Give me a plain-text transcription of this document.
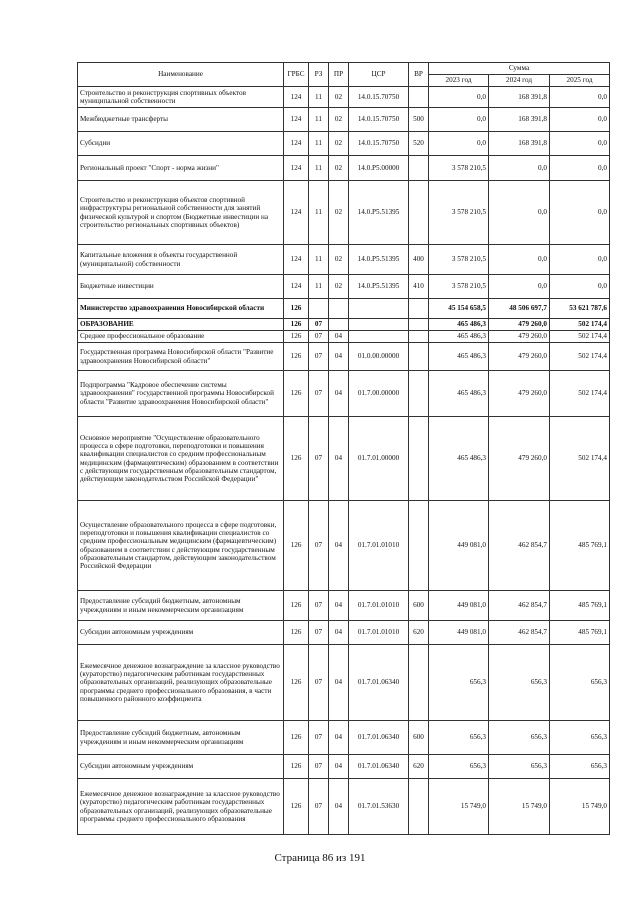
Наименование	ГРБС	РЗ	ПР	ЦСР	ВР	Сумма		
						2023 год	2024 год	2025 год
Строительство и реконструкция спортивных объектов муниципальной собственности	124	11	02	14.0.15.70750		0,0	168 391,8	0,0
Межбюджетные трансферты	124	11	02	14.0.15.70750	500	0,0	168 391,8	0,0
Субсидии	124	11	02	14.0.15.70750	520	0,0	168 391,8	0,0
Региональный проект "Спорт - норма жизни"	124	11	02	14.0.P5.00000		3 578 210,5	0,0	0,0
Строительство и реконструкция объектов спортивной инфраструктуры региональной собственности для занятий физической культурой и спортом (Бюджетные инвестиции на строительство региональных спортивных объектов)	124	11	02	14.0.P5.51395		3 578 210,5	0,0	0,0
Капитальные вложения в объекты государственной (муниципальной) собственности	124	11	02	14.0.P5.51395	400	3 578 210,5	0,0	0,0
Бюджетные инвестиции	124	11	02	14.0.P5.51395	410	3 578 210,5	0,0	0,0
Министерство здравоохранения Новосибирской области	126					45 154 658,5	48 506 697,7	53 621 787,6
ОБРАЗОВАНИЕ	126	07				465 486,3	479 260,0	502 174,4
Среднее профессиональное образование	126	07	04			465 486,3	479 260,0	502 174,4
Государственная программа Новосибирской области "Развитие здравоохранения Новосибирской области"	126	07	04	01.0.00.00000		465 486,3	479 260,0	502 174,4
Подпрограмма "Кадровое обеспечение системы здравоохранения" государственной программы Новосибирской области "Развитие здравоохранения Новосибирской области"	126	07	04	01.7.00.00000		465 486,3	479 260,0	502 174,4
Основное мероприятие "Осуществление образовательного процесса в сфере подготовки, переподготовки и повышения квалификации специалистов со средним профессиональным медицинским (фармацевтическим) образованием в соответствии с действующим государственным образовательным стандартом, действующим законодательством Российской Федерации"	126	07	04	01.7.01.00000		465 486,3	479 260,0	502 174,4
Осуществление образовательного процесса в сфере подготовки, переподготовки и повышения квалификации специалистов со средним профессиональным медицинским (фармацевтическим) образованием в соответствии с действующим государственным образовательным стандартом, действующим законодательством Российской Федерации	126	07	04	01.7.01.01010		449 081,0	462 854,7	485 769,1
Предоставление субсидий бюджетным, автономным учреждениям и иным некоммерческим организациям	126	07	04	01.7.01.01010	600	449 081,0	462 854,7	485 769,1
Субсидии автономным учреждениям	126	07	04	01.7.01.01010	620	449 081,0	462 854,7	485 769,1
Ежемесячное денежное вознаграждение за классное руководство (кураторство) педагогическим работникам государственных образовательных организаций, реализующих образовательные программы среднего профессионального образования, в части повышенного районного коэффициента	126	07	04	01.7.01.06340		656,3	656,3	656,3
Предоставление субсидий бюджетным, автономным учреждениям и иным некоммерческим организациям	126	07	04	01.7.01.06340	600	656,3	656,3	656,3
Субсидии автономным учреждениям	126	07	04	01.7.01.06340	620	656,3	656,3	656,3
Ежемесячное денежное вознаграждение за классное руководство (кураторство) педагогическим работникам государственных образовательных организаций, реализующих образовательные программы среднего профессионального образования	126	07	04	01.7.01.53630		15 749,0	15 749,0	15 749,0
Страница 86 из 191
